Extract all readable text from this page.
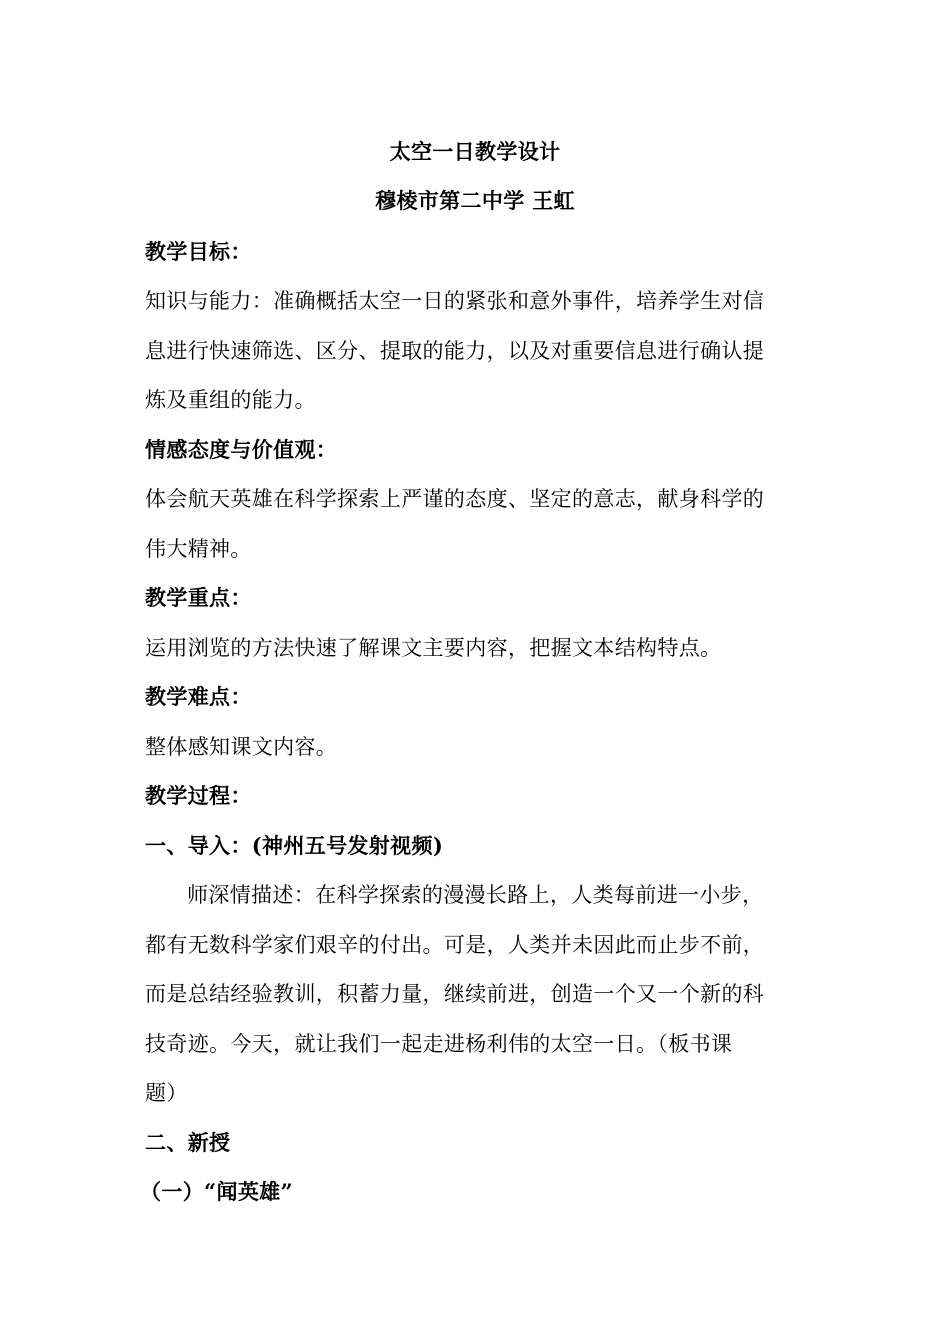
太空一日教学设计
穆棱市第二中学 王虹
教学目标：
知识与能力：准确概括太空一日的紧张和意外事件，培养学生对信
息进行快速筛选、区分、提取的能力，以及对重要信息进行确认提
炼及重组的能力。
情感态度与价值观：
体会航天英雄在科学探索上严谨的态度、坚定的意志，献身科学的
伟大精神。
教学重点：
运用浏览的方法快速了解课文主要内容，把握文本结构特点。
教学难点：
整体感知课文内容。
教学过程：
一、导入：(神州五号发射视频)
师深情描述：在科学探索的漫漫长路上，人类每前进一小步，
都有无数科学家们艰辛的付出。可是，人类并未因此而止步不前，
而是总结经验教训，积蓄力量，继续前进，创造一个又一个新的科
技奇迹。今天，就让我们一起走进杨利伟的太空一日。（板书课
题）
二、新授
（一）“闻英雄”
